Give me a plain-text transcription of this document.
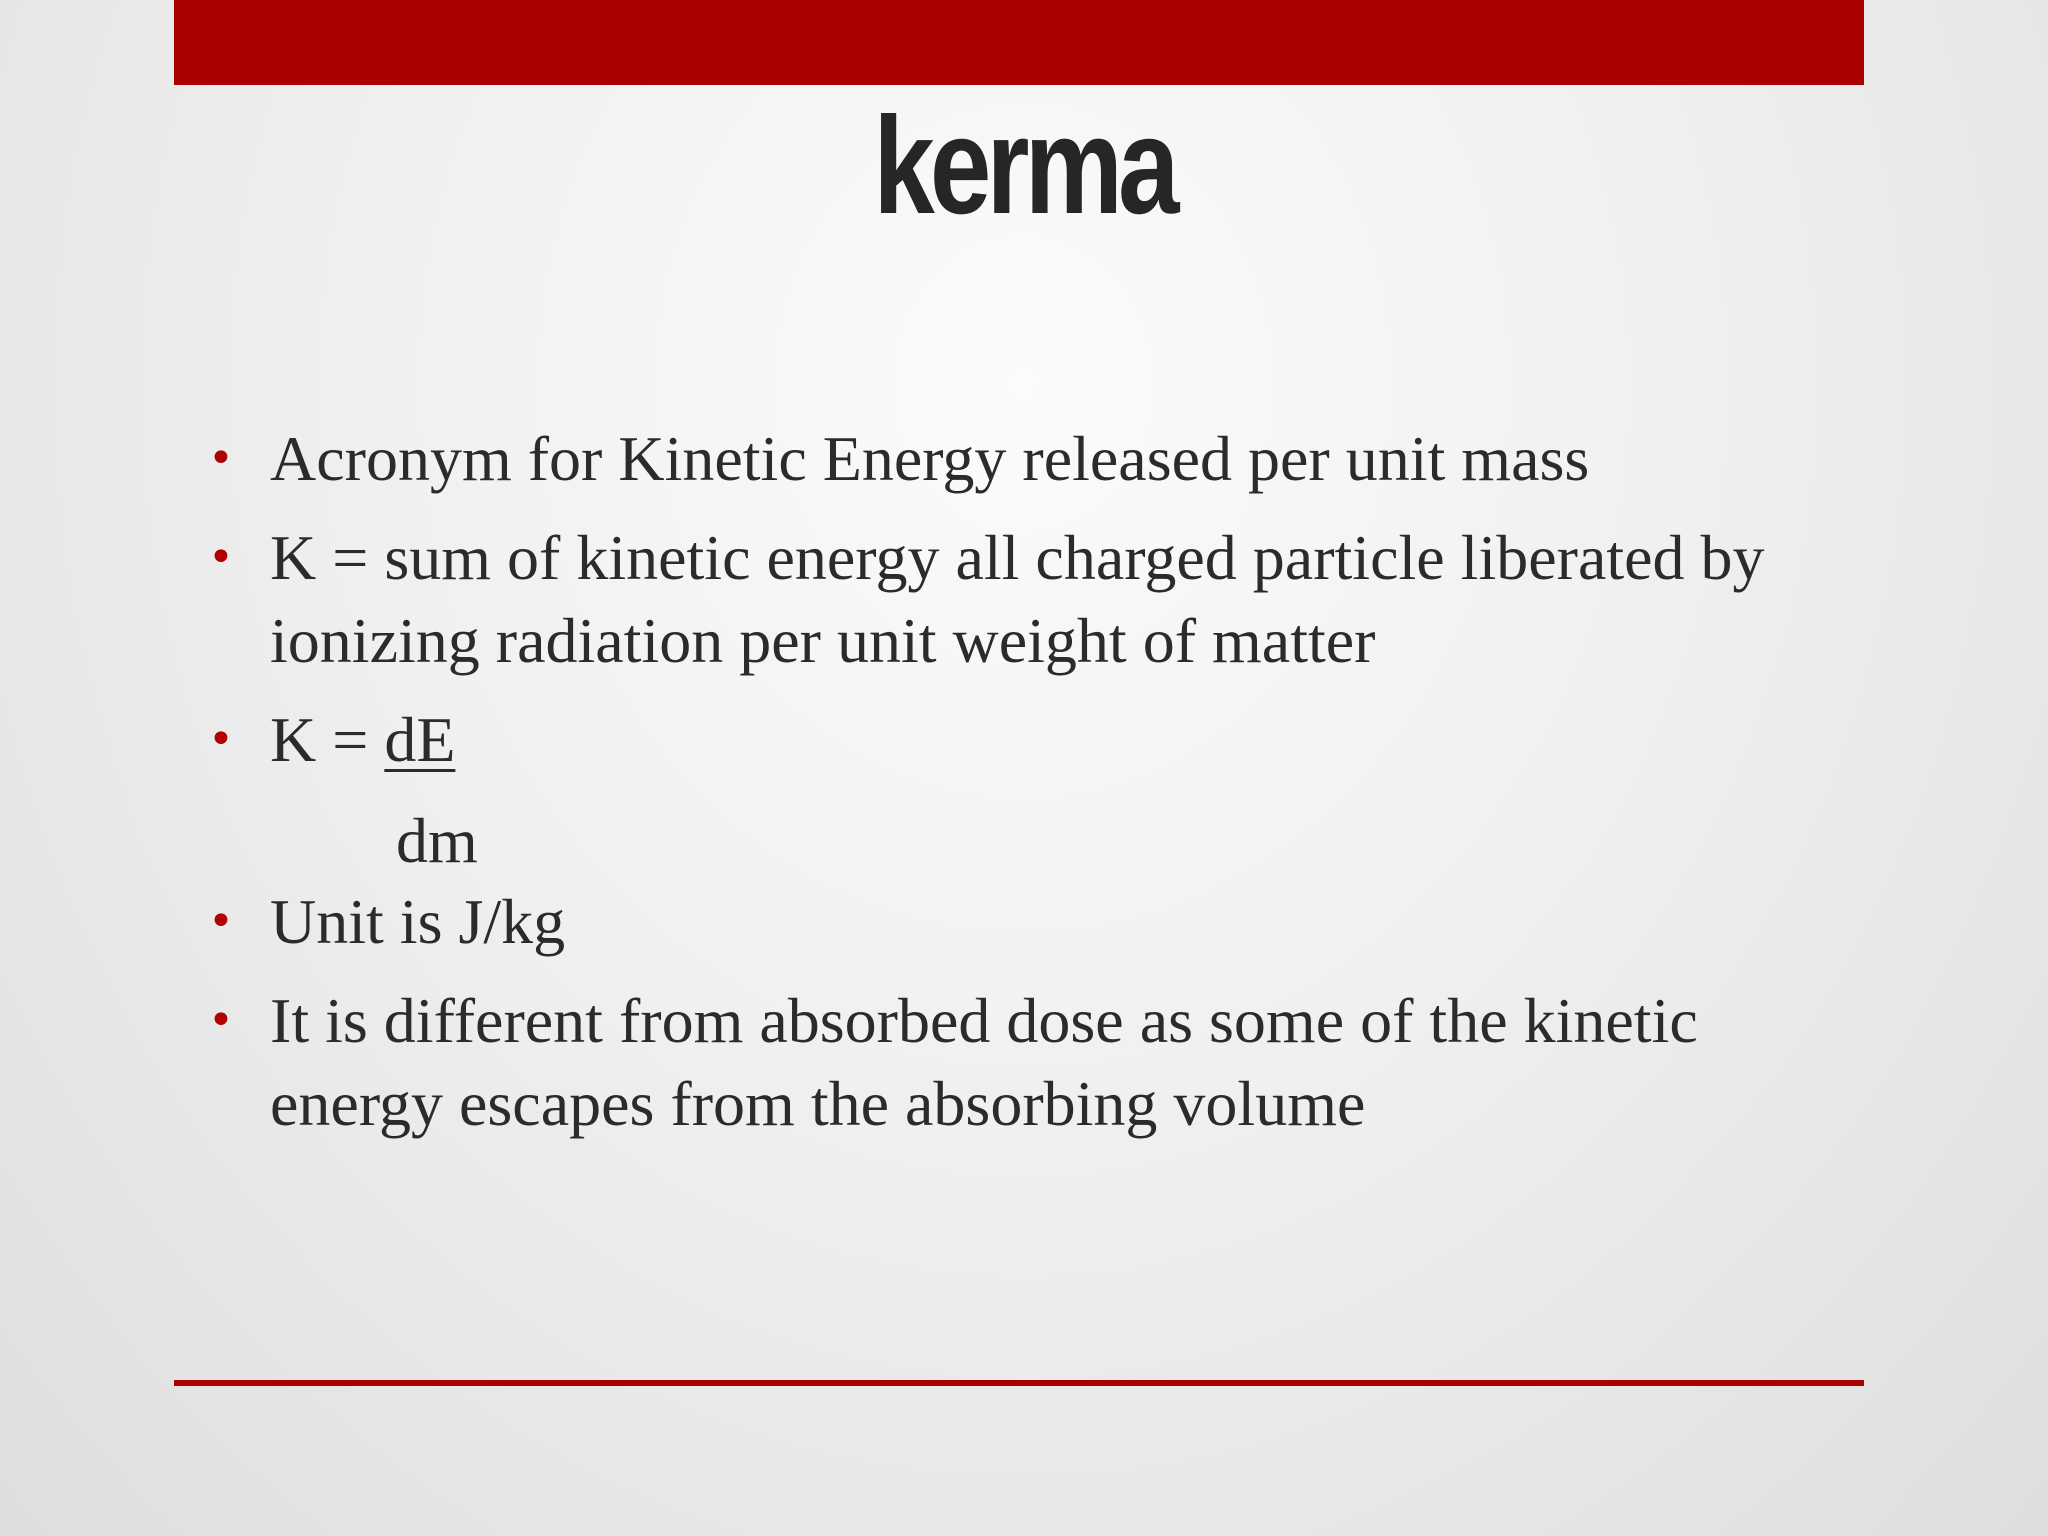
kerma
• Acronym for Kinetic Energy released per unit mass
• K = sum of kinetic energy all charged particle liberated by ionizing radiation per unit weight of matter
• K = dE
• Unit is J/kg
• It is different from absorbed dose as some of the kinetic energy escapes from the absorbing volume
dm
